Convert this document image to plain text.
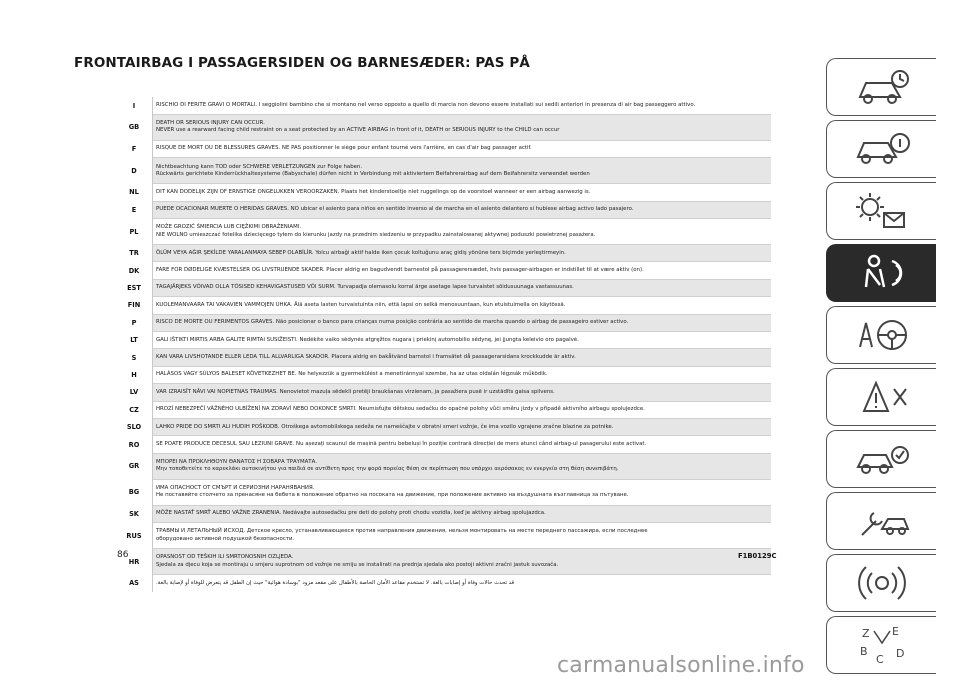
FRONTAIRBAG I PASSAGERSIDEN OG BARNESÆDER: PAS PÅ
I	RISCHIO DI FERITE GRAVI O MORTALI. I seggiolini bambino che si montano nel verso opposto a quello di marcia non devono essere installati sui sedili anteriori in presenza di air bag passeggero attivo.

GB	DEATH OR SERIOUS INJURY CAN OCCUR.
NEVER use a rearward facing child restraint on a seat protected by an ACTIVE AIRBAG in front of it, DEATH or SERIOUS INJURY to the CHILD can occur

F	RISQUE DE MORT OU DE BLESSURES GRAVES. NE PAS positionner le siège pour enfant tourné vers l'arrière, en cas d'air bag passager actif.

D	Nichtbeachtung kann TOD oder SCHWERE VERLETZUNGEN zur Folge haben.
Rückwärts gerichtete Kinderrückhaltesysteme (Babyschale) dürfen nicht in Verbindung mit aktiviertem Beifahrerairbag auf dem Beifahrersitz verwendet werden

NL	DIT KAN DODELIJK ZIJN OF ERNSTIGE ONGELUKKEN VEROORZAKEN. Plaats het kinderstoeltje niet ruggelings op de voorstoel wanneer er een airbag aanwezig is.

E	PUEDE OCACIONAR MUERTE O HERIDAS GRAVES. NO ubicar el asiento para niños en sentido inverso al de marcha en el asiento delantero si hubiese airbag activo lado pasajero.

PL	MOŻE GROZIĆ ŚMIERCIA LUB CIĘŻKIMI OBRAŻENIAMI.
NIE WOLNO umieszczać fotelika dziecięcego tyłem do kierunku jazdy na przednim siedzeniu w przypadku zainstalowanej aktywnej poduszki powietrznej pasażera.

TR	ÖLÜM VEYA AĞIR ŞEKİLDE YARALANMAYA SEBEP OLABİLİR. Yolcu airbaği aktif halde iken çocuk koltuğunu araç gidiş yönüne ters biçimde yerleştirmeyin.

DK	FARE FOR DØDELIGE KVÆSTELSER OG LIVSTRUENDE SKADER. Placer aldrig en bagudvendt barnestol på passagerersædet, hvis passager-airbagen er indstillet til at være aktiv (on).

EST	TAGAJÄRJEKS VÕIVAD OLLA TÕSISED KEHAVIGASTUSED VÕI SURM. Turvapadja olemasolu korral ärge asetage lapse turvaistet sõidusuunaga vastassuunas.

FIN	KUOLEMANVAARA TAI VAKAVIEN VAMMOJEN UHKA. Älä aseta lasten turvaistuinta niin, että lapsi on selkä menosuuntaan, kun etuistuimella on käytössä.

P	RISCO DE MORTE OU FERIMENTOS GRAVES. Não posicionar o banco para crianças numa posição contrária ao sentido de marcha quando o airbag de passageiro estiver activo.

LT	GALI IŠTIKTI MIRTIS ARBA GALITE RIMTAI SUSIŽEISTI. Nedėkite vaiko sėdynės atgręžtos nugara į priekinį automobilio sėdynę, jei įjungta keleivio oro pagalvė.

S	KAN VARA LIVSHOTANDE ELLER LEDA TILL ALLVARLIGA SKADOR. Placera aldrig en bakåtvänd barnstol i framsätet då passagerarsidans krockkudde är aktiv.

H	HALÁSOS VAGY SÚLYOS BALESET KÖVETKEZHET BE. Ne helyezzük a gyermekülést a menetiránnyal szembe, ha az utas oldalán légzsák működik.

LV	VAR IZRAISĪT NĀVI VAI NOPIETNAS TRAUMAS. Nenovietot mazuļa sēdekli pretēji braukšanas virzienam, ja pasažiera pusē ir uzstādīts gaisa spilvens.

CZ	HROZÍ NEBEZPEČÍ VÁŽNÉHO ULBÍŽENÍ NA ZDRAVÍ NEBO DOKONCE SMRTI. Neumisťujte dětskou sedačku do opačné polohy vůči směru jízdy v případě aktivního airbagu spolujezdce.

SLO	LAHKO PRIDE DO SMRTI ALI HUDIH POŠKODB. Otroškega avtomobilskega sedeža ne nameščajte v obratni smeri vožnje, če ima vozilo vgrajene zračne blazine za potnike.

RO	SE POATE PRODUCE DECESUL SAU LEZIUNI GRAVE. Nu așezați scaunul de mașină pentru bebeluși în poziție contrară direcției de mers atunci când airbag-ul pasagerului este activat.

GR	ΜΠΟΡΕΙ ΝΑ ΠΡΟΚΛΗΘΟΥΝ ΘΑΝΑΤΟΣ Η ΣΟΒΑΡΑ ΤΡΑΥΜΑΤΑ.
Μην τοποθετείτε το καρεκλάκι αυτοκινήτου για παιδιά σε αντίθετη προς την φορά πορείας θέση σε περίπτωση που υπάρχει αερόσακος εν ενεργεία στη θέση συνεπιβάτη.

BG	ИМА ОПАСНОСТ ОТ СМЪРТ И СЕРИОЗНИ НАРАНЯВАНИЯ.
Не поставяйте столчето за пренасяне на бебета в положение обратно на посоката на движение, при положение активно на въздушната възглавница за пътуване.

SK	MÔŽE NASTAŤ SMRŤ ALEBO VÁŽNE ZRANENIA. Nedávajte autosedačku pre deti do polohy proti chodu vozidla, keď je aktívny airbag spolujazdca.

RUS	ТРАВМЫ И ЛЕТАЛЬНЫЙ ИСХОД. Детское кресло, устанавливающееся против направления движения, нельзя монтировать на месте переднего пассажира, если последнее
оборудовано активной подушкой безопасности.

HR	OPASNOST OD TEŠKIH ILI SMRTONOSNIH OZLJEDA.
Sjedala za djecu koja se montiraju u smjeru suprotnom od vožnje ne smiju se instalirati na prednja sjedala ako postoji aktivni zračni jastuk suvozača.

AS	قد تحدث حالات وفاة أو إصابات بالغة. لا تستخدم مقاعد الأمان الخاصة بالأطفال على مقعد مزود "بوسادة هوائية" حيث إن الطفل قد يتعرض للوفاة أو لإصابة بالغة.
86	F1B0129C
carmanualsonline.info
Z E
B
C D
